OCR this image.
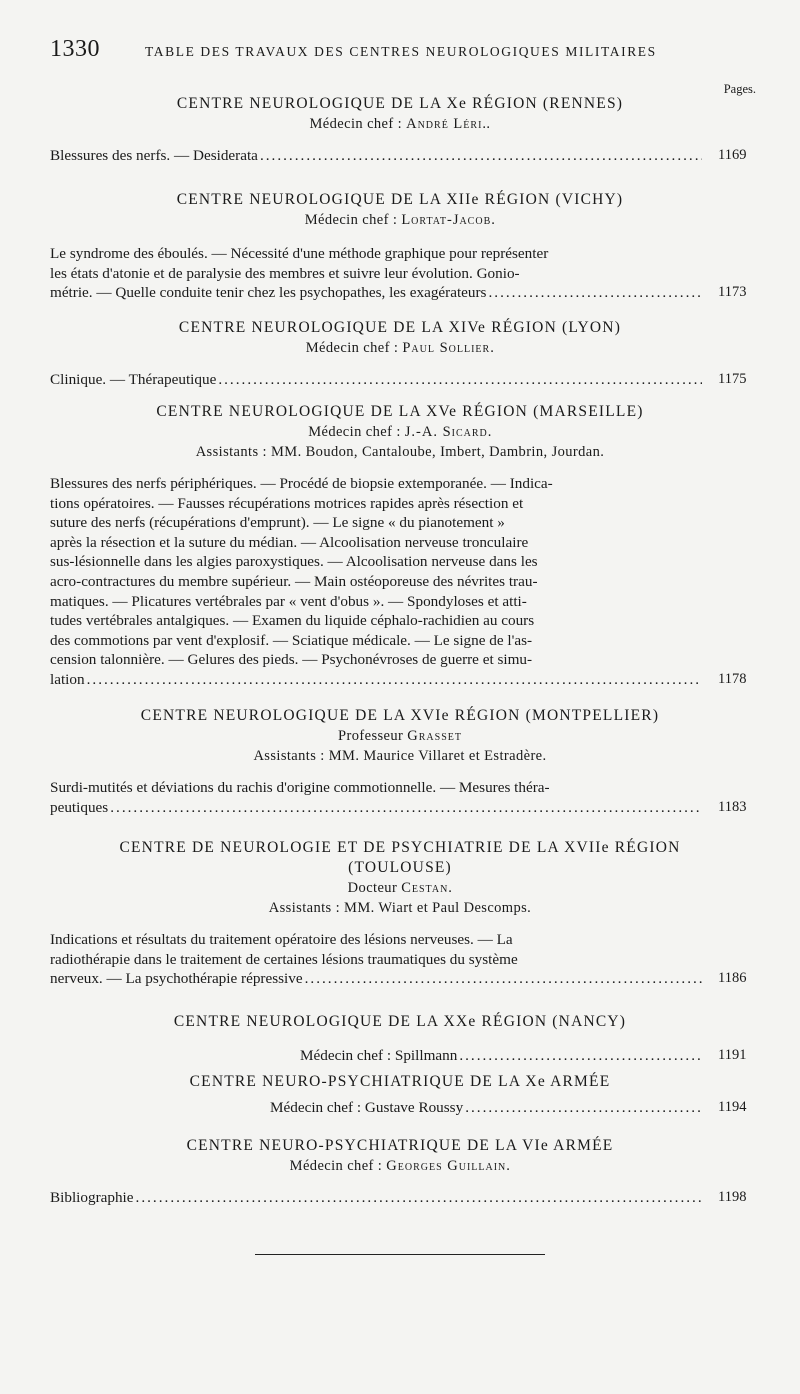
1330	TABLE DES TRAVAUX DES CENTRES NEUROLOGIQUES MILITAIRES
Pages.
CENTRE NEUROLOGIQUE DE LA Xe RÉGION (RENNES)
Médecin chef : André Léri..
Blessures des nerfs. — Desiderata .....	1169
CENTRE NEUROLOGIQUE DE LA XIIe RÉGION (VICHY)
Médecin chef : Lortat-Jacob.
Le syndrome des éboulés. — Nécessité d'une méthode graphique pour représenter
les états d'atonie et de paralysie des membres et suivre leur évolution. Gonio-
métrie. — Quelle conduite tenir chez les psychopathes, les exagérateurs .....	1173
CENTRE NEUROLOGIQUE DE LA XIVe RÉGION (LYON)
Médecin chef : Paul Sollier.
Clinique. — Thérapeutique .....	1175
CENTRE NEUROLOGIQUE DE LA XVe RÉGION (MARSEILLE)
Médecin chef : J.-A. Sicard.
Assistants : MM. Boudon, Cantaloube, Imbert, Dambrin, Jourdan.
Blessures des nerfs périphériques. — Procédé de biopsie extemporanée. — Indica-
tions opératoires. — Fausses récupérations motrices rapides après résection et
suture des nerfs (récupérations d'emprunt). — Le signe « du pianotement »
après la résection et la suture du médian. — Alcoolisation nerveuse tronculaire
sus-lésionnelle dans les algies paroxystiques. — Alcoolisation nerveuse dans les
acro-contractures du membre supérieur. — Main ostéoporeuse des névrites trau-
matiques. — Plicatures vertébrales par « vent d'obus ». — Spondyloses et atti-
tudes vertébrales antalgiques. — Examen du liquide céphalo-rachidien au cours
des commotions par vent d'explosif. — Sciatique médicale. — Le signe de l'as-
cension talonnière. — Gelures des pieds. — Psychonévroses de guerre et simu-
lation .....	1178
CENTRE NEUROLOGIQUE DE LA XVIe RÉGION (MONTPELLIER)
Professeur Grasset
Assistants : MM. Maurice Villaret et Estradère.
Surdi-mutités et déviations du rachis d'origine commotionnelle. — Mesures théra-
peutiques .....	1183
CENTRE DE NEUROLOGIE ET DE PSYCHIATRIE DE LA XVIIe RÉGION
(TOULOUSE)
Docteur Cestan.
Assistants : MM. Wiart et Paul Descomps.
Indications et résultats du traitement opératoire des lésions nerveuses. — La
radiothérapie dans le traitement de certaines lésions traumatiques du système
nerveux. — La psychothérapie répressive .....	1186
CENTRE NEUROLOGIQUE DE LA XXe RÉGION (NANCY)
Médecin chef : Spillmann .....	1191
CENTRE NEURO-PSYCHIATRIQUE DE LA Xe ARMÉE
Médecin chef : Gustave Roussy .....	1194
CENTRE NEURO-PSYCHIATRIQUE DE LA VIe ARMÉE
Médecin chef : Georges Guillain.
Bibliographie .....	1198
